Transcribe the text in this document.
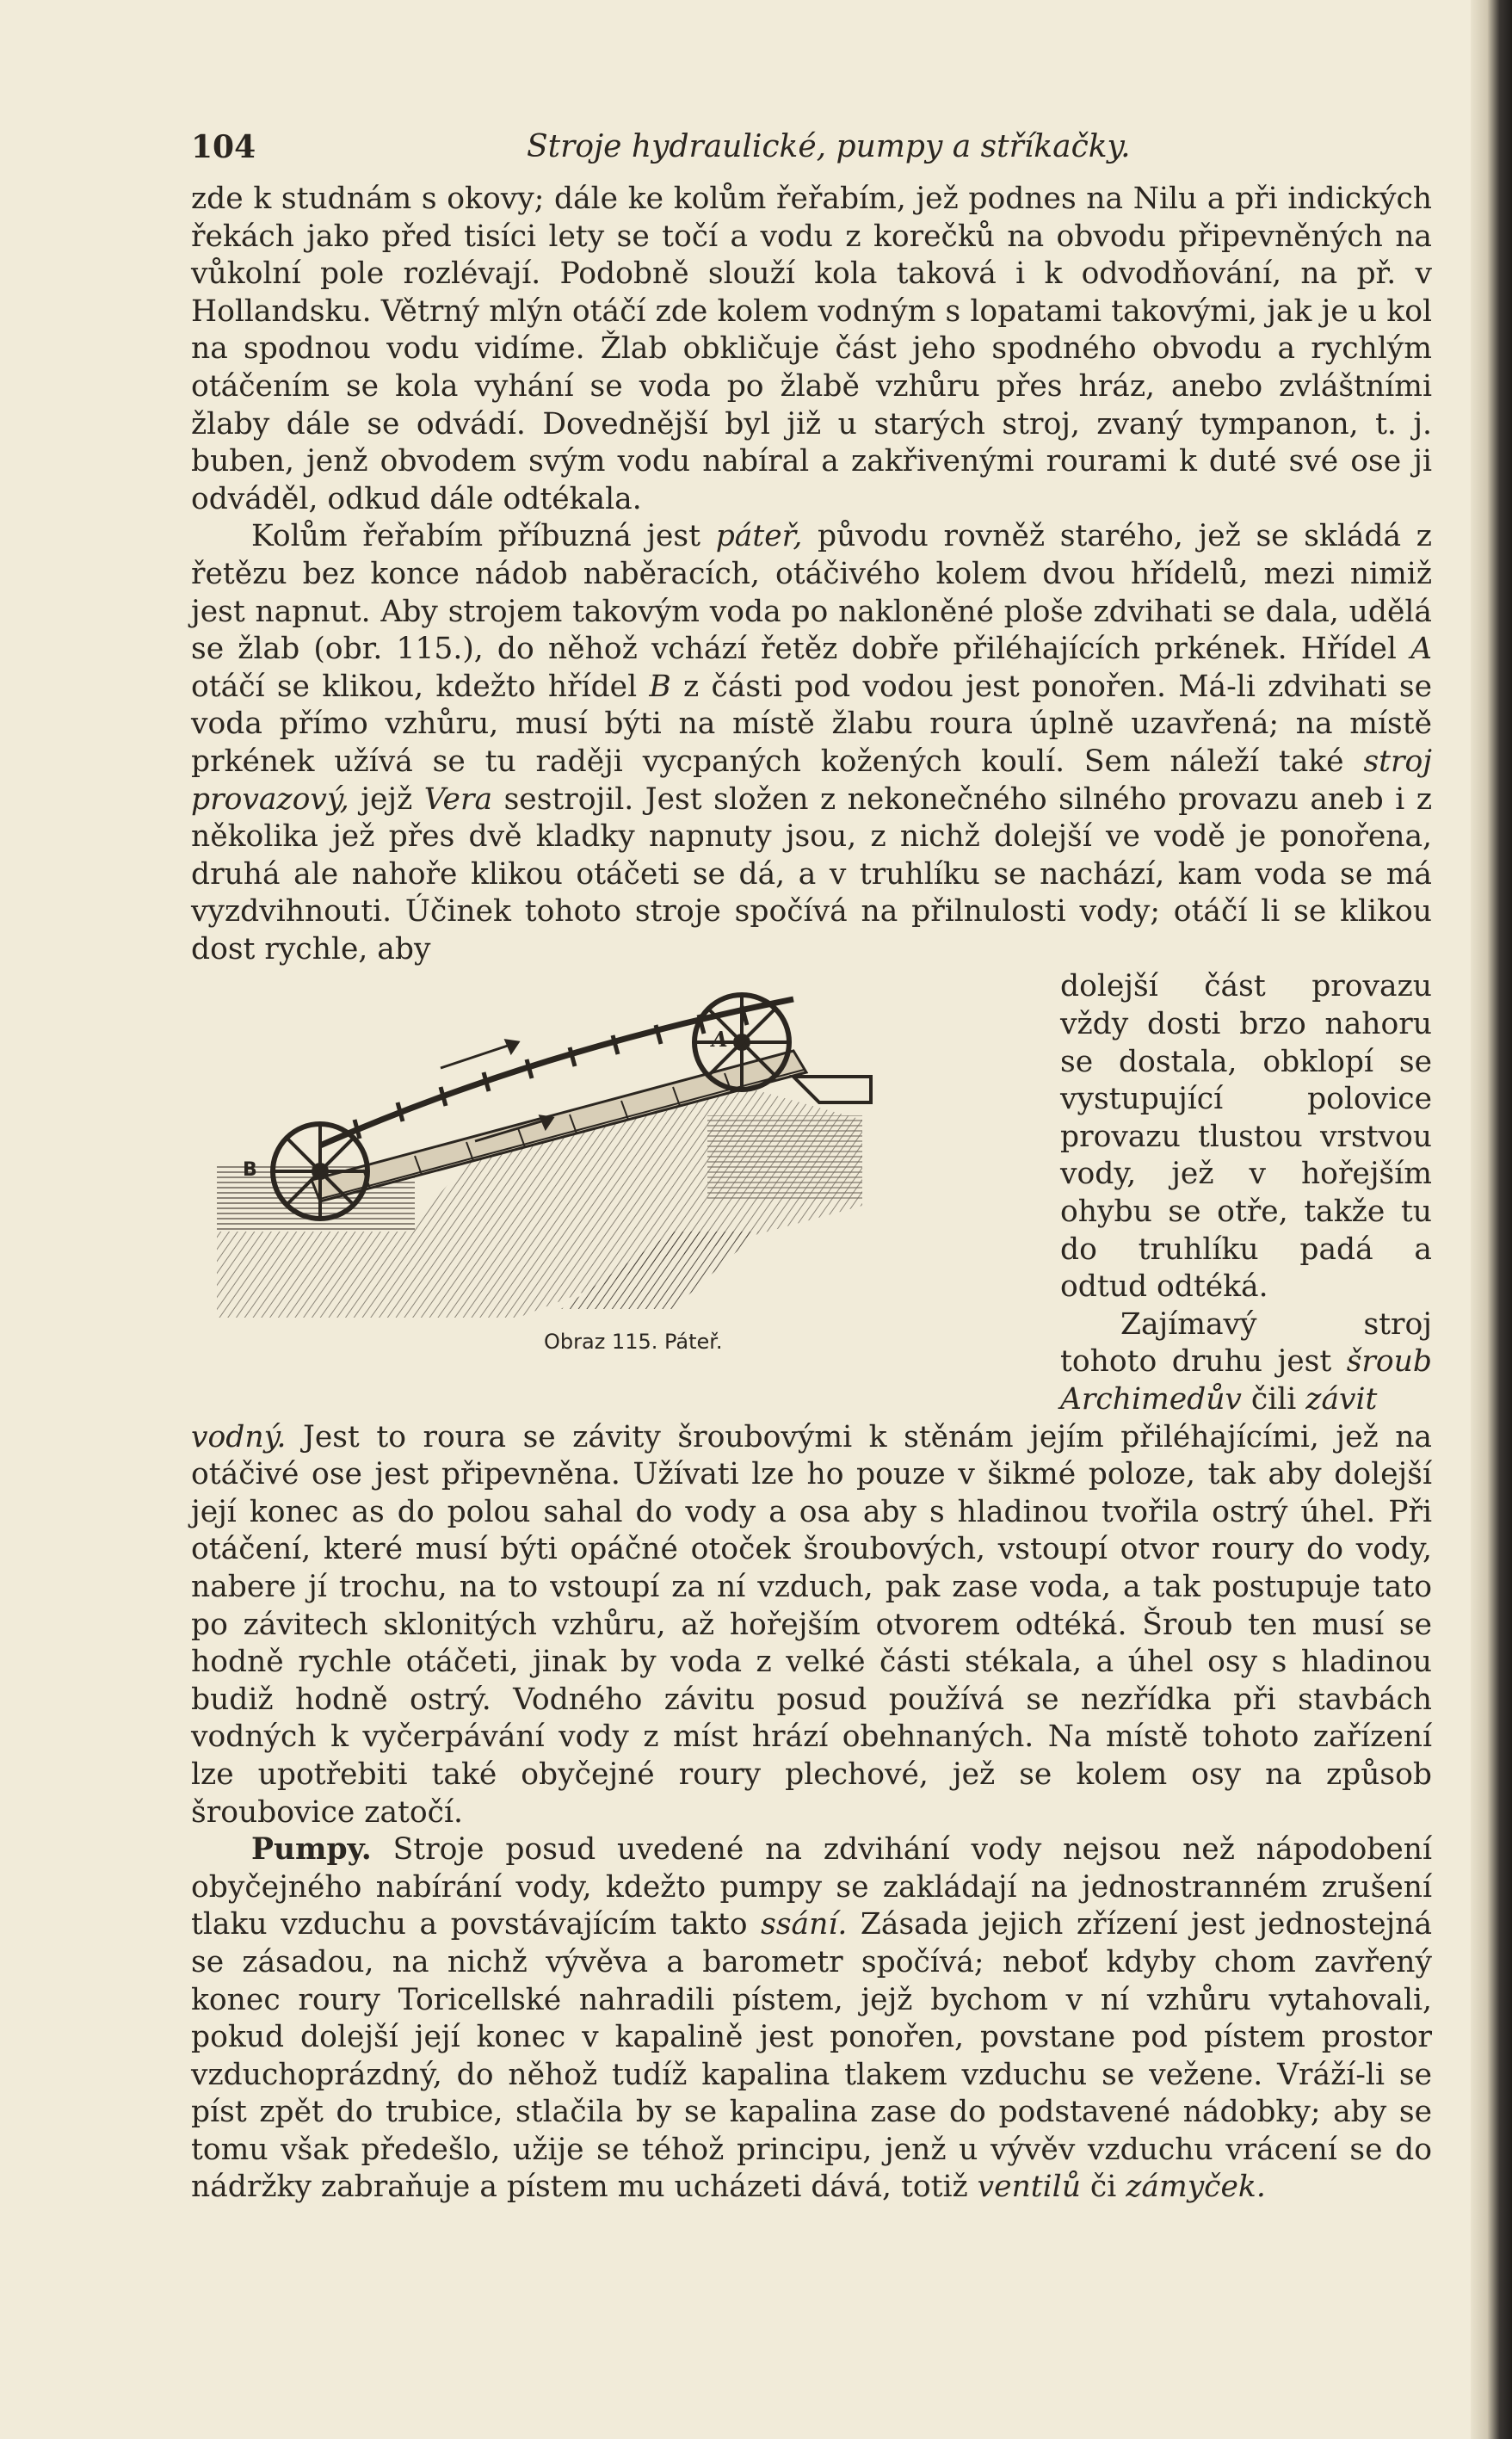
104	Stroje hydraulické, pumpy a stříkačky.

zde k studnám s okovy; dále ke kolům řeřabím, jež podnes na Nilu a při indických řekách jako před tisíci lety se točí a vodu z korečků na obvodu připevněných na vůkolní pole rozlévají. Podobně slouží kola taková i k odvodňování, na př. v Hollandsku. Větrný mlýn otáčí zde kolem vodným s lopatami takovými, jak je u kol na spodnou vodu vidíme. Žlab obkličuje část jeho spodného obvodu a rychlým otáčením se kola vyhání se voda po žlabě vzhůru přes hráz, anebo zvláštními žlaby dále se odvádí. Dovednější byl již u starých stroj, zvaný tympanon, t. j. buben, jenž obvodem svým vodu nabíral a zakřivenými rourami k duté své ose ji odváděl, odkud dále odtékala.

Kolům řeřabím příbuzná jest páteř, původu rovněž starého, jež se skládá z řetězu bez konce nádob naběracích, otáčivého kolem dvou hřídelů, mezi nimiž jest napnut. Aby strojem takovým voda po nakloněné ploše zdvihati se dala, udělá se žlab (obr. 115.), do něhož vchází řetěz dobře přiléhajících prkének. Hřídel A otáčí se klikou, kdežto hřídel B z části pod vodou jest ponořen. Má-li zdvihati se voda přímo vzhůru, musí býti na místě žlabu roura úplně uzavřená; na místě prkének užívá se tu raději vycpaných kožených koulí. Sem náleží také stroj provazový, jejž Vera sestrojil. Jest složen z nekonečného silného provazu aneb i z několika jež přes dvě kladky napnuty jsou, z nichž dolejší ve vodě je ponořena, druhá ale nahoře klikou otáčeti se dá, a v truhlíku se nachází, kam voda se má vyzdvihnouti. Účinek tohoto stroje spočívá na přilnulosti vody; otáčí li se klikou dost rychle, aby

B
A
Obraz 115. Páteř.

dolejší část provazu vždy dosti brzo nahoru se dostala, obklopí se vystupující polovice provazu tlustou vrstvou vody, jež v hořejším ohybu se otře, takže tu do truhlíku padá a odtud odtéká.

Zajímavý stroj tohoto druhu jest šroub Archimedův čili závit

vodný. Jest to roura se závity šroubovými k stěnám jejím přiléhajícími, jež na otáčivé ose jest připevněna. Užívati lze ho pouze v šikmé poloze, tak aby dolejší její konec as do polou sahal do vody a osa aby s hladinou tvořila ostrý úhel. Při otáčení, které musí býti opáčné otoček šroubových, vstoupí otvor roury do vody, nabere jí trochu, na to vstoupí za ní vzduch, pak zase voda, a tak postupuje tato po závitech sklonitých vzhůru, až hořejším otvorem odtéká. Šroub ten musí se hodně rychle otáčeti, jinak by voda z velké části stékala, a úhel osy s hladinou budiž hodně ostrý. Vodného závitu posud používá se nezřídka při stavbách vodných k vyčerpávání vody z míst hrází obehnaných. Na místě tohoto zařízení lze upotřebiti také obyčejné roury plechové, jež se kolem osy na způsob šroubovice zatočí.

Pumpy. Stroje posud uvedené na zdvihání vody nejsou než nápodobení obyčejného nabírání vody, kdežto pumpy se zakládají na jednostranném zrušení tlaku vzduchu a povstávajícím takto ssání. Zásada jejich zřízení jest jednostejná se zásadou, na nichž vývěva a barometr spočívá; neboť kdyby chom zavřený konec roury Toricellské nahradili pístem, jejž bychom v ní vzhůru vytahovali, pokud dolejší její konec v kapalině jest ponořen, povstane pod pístem prostor vzduchoprázdný, do něhož tudíž kapalina tlakem vzduchu se vežene. Vráží-li se píst zpět do trubice, stlačila by se kapalina zase do podstavené nádobky; aby se tomu však předešlo, užije se téhož principu, jenž u vývěv vzduchu vrácení se do nádržky zabraňuje a pístem mu ucházeti dává, totiž ventilů či zámyček.
